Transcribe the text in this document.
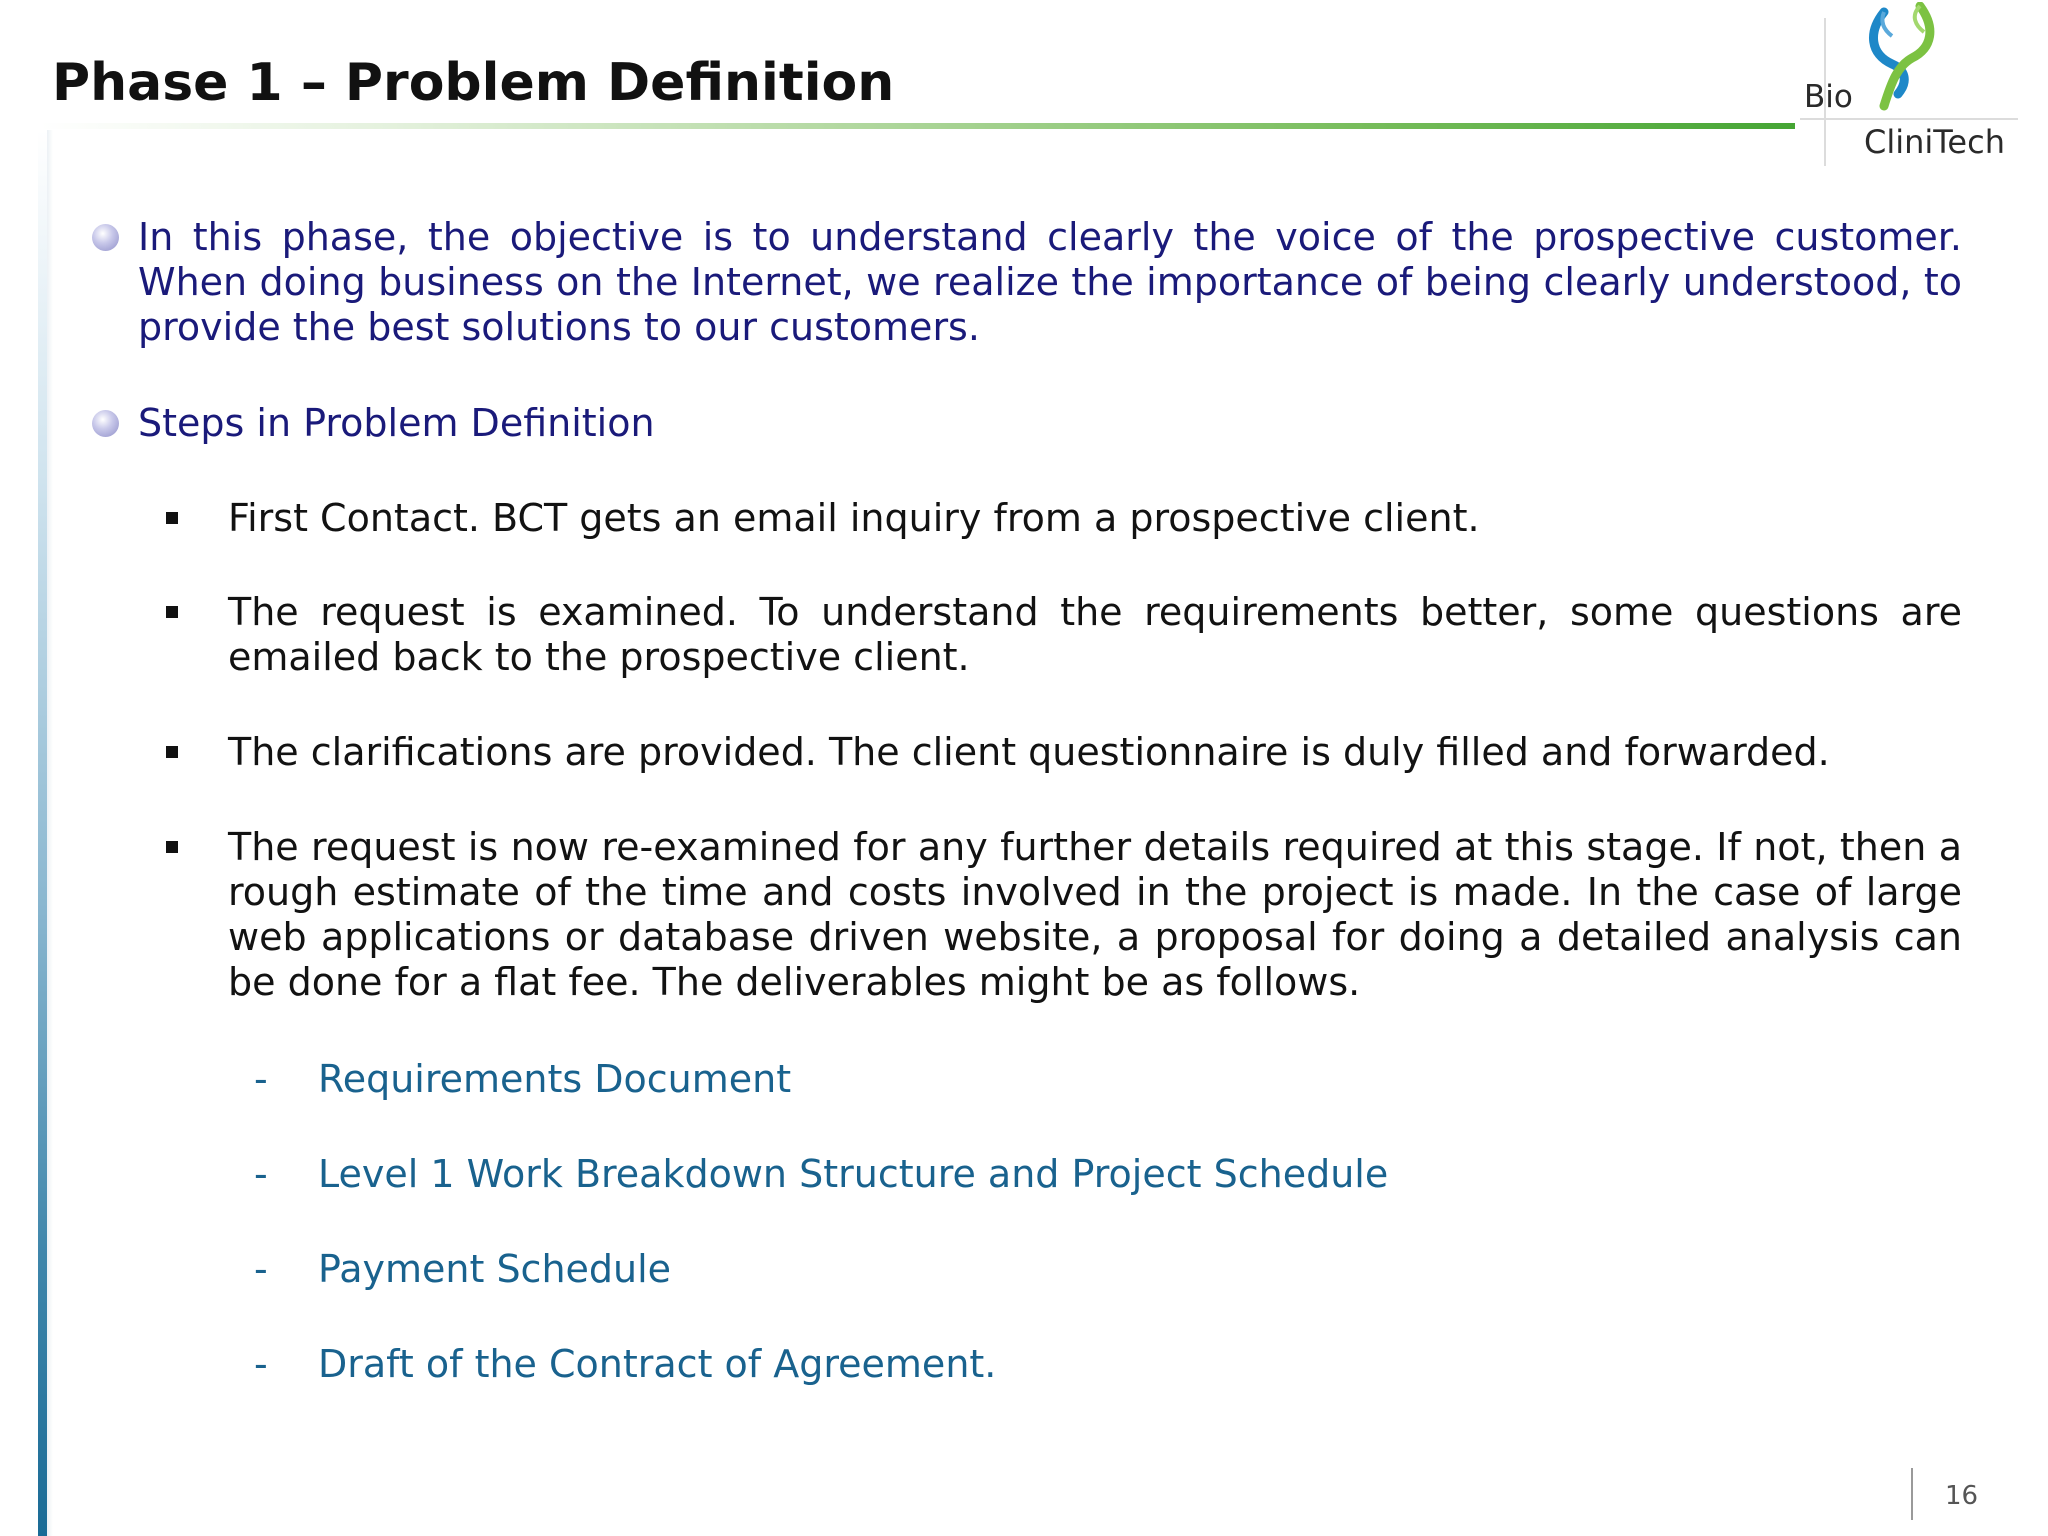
Phase 1 – Problem Definition	Bio
CliniTech

In this phase, the objective is to understand clearly the voice of the prospective customer. When doing business on the Internet, we realize the importance of being clearly understood, to provide the best solutions to our customers.

Steps in Problem Definition

First Contact. BCT gets an email inquiry from a prospective client.

The request is examined. To understand the requirements better, some questions are emailed back to the prospective client.

The clarifications are provided. The client questionnaire is duly filled and forwarded.

The request is now re-examined for any further details required at this stage. If not, then a rough estimate of the time and costs involved in the project is made. In the case of large web applications or database driven website, a proposal for doing a detailed analysis can be done for a flat fee. The deliverables might be as follows.

- Requirements Document

- Level 1 Work Breakdown Structure and Project Schedule

- Payment Schedule

- Draft of the Contract of Agreement.

16
